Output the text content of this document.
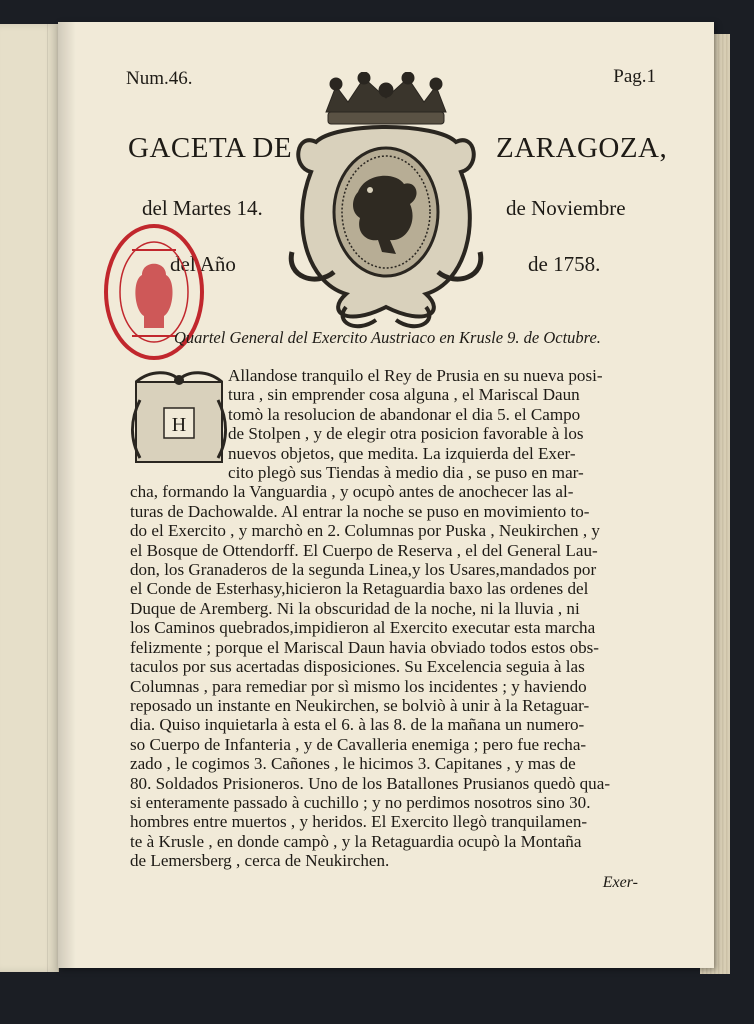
Num.46.	Pag.1
GACETA DE	ZARAGOZA,
del Martes 14.	de Noviembre
del Año	de 1758.
Quartel General del Exercito Austriaco en Krusle 9. de Octubre.
H
Allandose tranquilo el Rey de Prusia en su nueva posi-
tura , sin emprender cosa alguna , el Mariscal Daun
tomò la resolucion de abandonar el dia 5. el Campo
de Stolpen , y de elegir otra posicion favorable à los
nuevos objetos, que medita. La izquierda del Exer-
cito plegò sus Tiendas à medio dia , se puso en mar-
cha, formando la Vanguardia , y ocupò antes de anochecer las al-
turas de Dachowalde. Al entrar la noche se puso en movimiento to-
do el Exercito , y marchò en 2. Columnas por Puska , Neukirchen , y
el Bosque de Ottendorff. El Cuerpo de Reserva , el del General Lau-
don, los Granaderos de la segunda Linea,y los Usares,mandados por
el Conde de Esterhasy,hicieron la Retaguardia baxo las ordenes del
Duque de Aremberg. Ni la obscuridad de la noche, ni la lluvia , ni
los Caminos quebrados,impidieron al Exercito executar esta marcha
felizmente ; porque el Mariscal Daun havia obviado todos estos obs-
taculos por sus acertadas disposiciones. Su Excelencia seguia à las
Columnas , para remediar por sì mismo los incidentes ; y haviendo
reposado un instante en Neukirchen, se bolviò à unir à la Retaguar-
dia. Quiso inquietarla à esta el 6. à las 8. de la mañana un numero-
so Cuerpo de Infanteria , y de Cavalleria enemiga ; pero fue recha-
zado , le cogimos 3. Cañones , le hicimos 3. Capitanes , y mas de
80. Soldados Prisioneros. Uno de los Batallones Prusianos quedò qua-
si enteramente passado à cuchillo ; y no perdimos nosotros sino 30.
hombres entre muertos , y heridos. El Exercito llegò tranquilamen-
te à Krusle , en donde campò , y la Retaguardia ocupò la Montaña
de Lemersberg , cerca de Neukirchen.
Exer-
